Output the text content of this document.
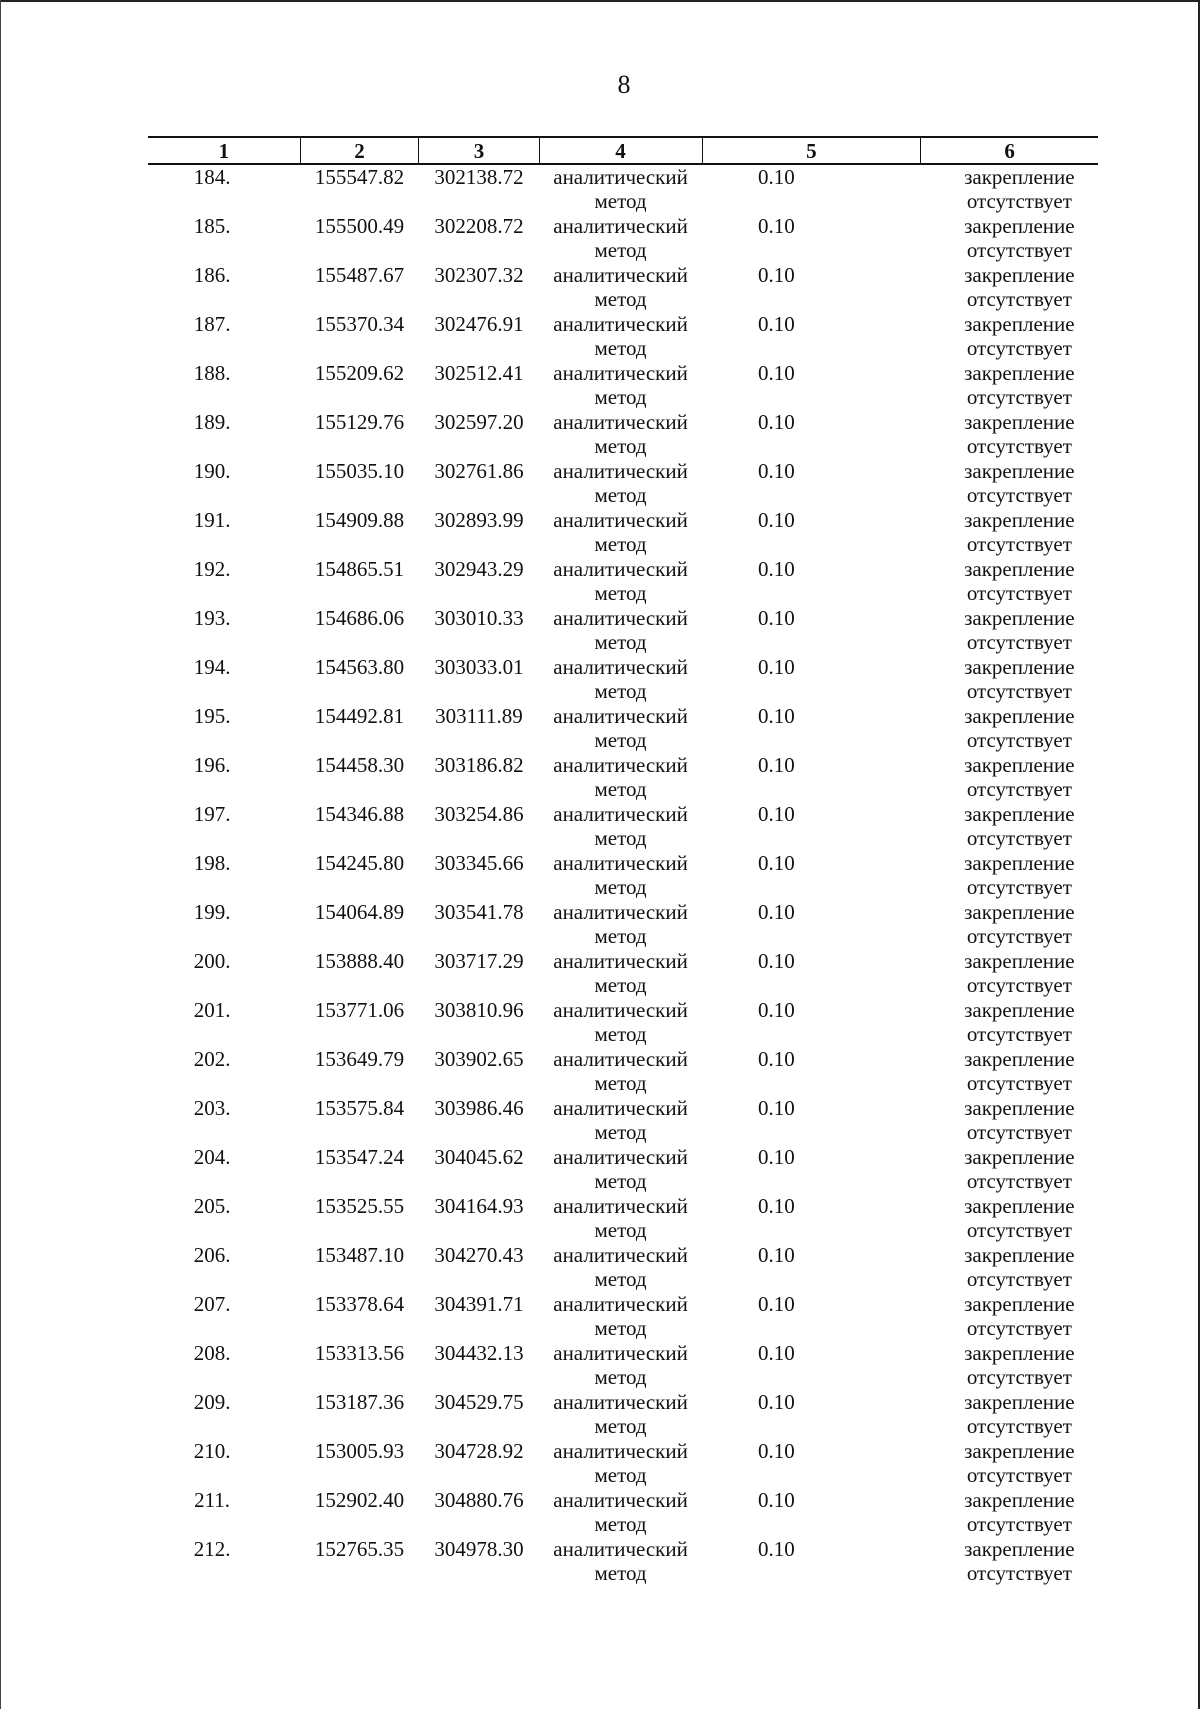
8
1	2	3	4	5	6
184.	155547.82	302138.72	аналитический
метод	0.10	закрепление
отсутствует

185.	155500.49	302208.72	аналитический
метод	0.10	закрепление
отсутствует

186.	155487.67	302307.32	аналитический
метод	0.10	закрепление
отсутствует

187.	155370.34	302476.91	аналитический
метод	0.10	закрепление
отсутствует

188.	155209.62	302512.41	аналитический
метод	0.10	закрепление
отсутствует

189.	155129.76	302597.20	аналитический
метод	0.10	закрепление
отсутствует

190.	155035.10	302761.86	аналитический
метод	0.10	закрепление
отсутствует

191.	154909.88	302893.99	аналитический
метод	0.10	закрепление
отсутствует

192.	154865.51	302943.29	аналитический
метод	0.10	закрепление
отсутствует

193.	154686.06	303010.33	аналитический
метод	0.10	закрепление
отсутствует

194.	154563.80	303033.01	аналитический
метод	0.10	закрепление
отсутствует

195.	154492.81	303111.89	аналитический
метод	0.10	закрепление
отсутствует

196.	154458.30	303186.82	аналитический
метод	0.10	закрепление
отсутствует

197.	154346.88	303254.86	аналитический
метод	0.10	закрепление
отсутствует

198.	154245.80	303345.66	аналитический
метод	0.10	закрепление
отсутствует

199.	154064.89	303541.78	аналитический
метод	0.10	закрепление
отсутствует

200.	153888.40	303717.29	аналитический
метод	0.10	закрепление
отсутствует

201.	153771.06	303810.96	аналитический
метод	0.10	закрепление
отсутствует

202.	153649.79	303902.65	аналитический
метод	0.10	закрепление
отсутствует

203.	153575.84	303986.46	аналитический
метод	0.10	закрепление
отсутствует

204.	153547.24	304045.62	аналитический
метод	0.10	закрепление
отсутствует

205.	153525.55	304164.93	аналитический
метод	0.10	закрепление
отсутствует

206.	153487.10	304270.43	аналитический
метод	0.10	закрепление
отсутствует

207.	153378.64	304391.71	аналитический
метод	0.10	закрепление
отсутствует

208.	153313.56	304432.13	аналитический
метод	0.10	закрепление
отсутствует

209.	153187.36	304529.75	аналитический
метод	0.10	закрепление
отсутствует

210.	153005.93	304728.92	аналитический
метод	0.10	закрепление
отсутствует

211.	152902.40	304880.76	аналитический
метод	0.10	закрепление
отсутствует

212.	152765.35	304978.30	аналитический
метод	0.10	закрепление
отсутствует
